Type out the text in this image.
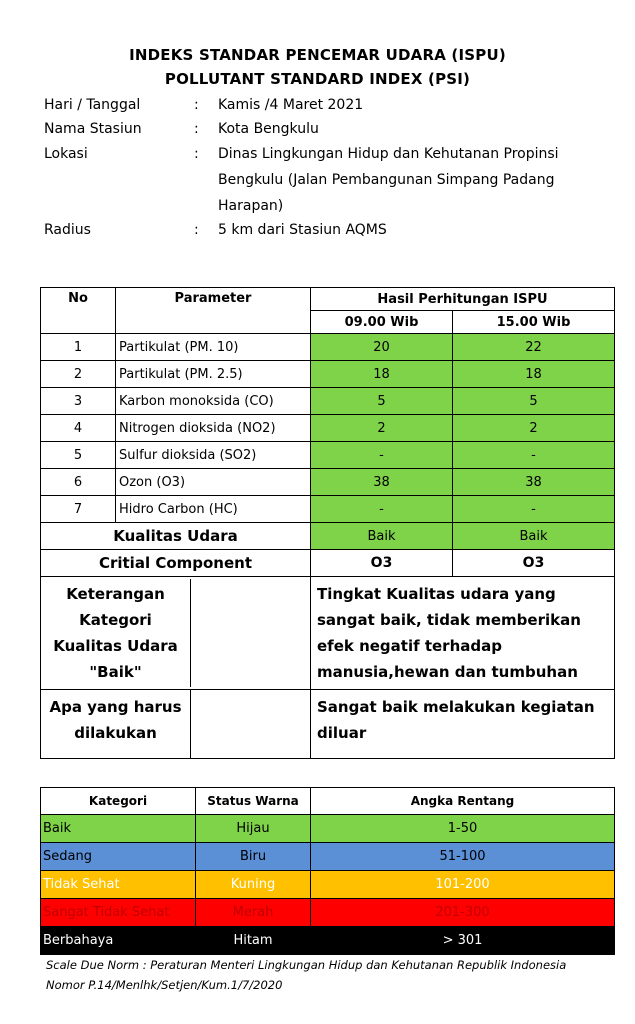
INDEKS STANDAR PENCEMAR UDARA (ISPU)
POLLUTANT STANDARD INDEX (PSI)
Hari / Tanggal	:	Kamis /4 Maret 2021
Nama Stasiun	:	Kota Bengkulu
Lokasi	:	Dinas Lingkungan Hidup dan Kehutanan Propinsi Bengkulu (Jalan Pembangunan Simpang Padang Harapan)
Radius	:	5 km dari Stasiun AQMS
No	Parameter	Hasil Perhitungan ISPU	
		09.00 Wib	15.00 Wib
1	Partikulat (PM. 10)	20	22
2	Partikulat (PM. 2.5)	18	18
3	Karbon monoksida (CO)	5	5
4	Nitrogen dioksida (NO2)	2	2
5	Sulfur dioksida (SO2)	-	-
6	Ozon (O3)	38	38
7	Hidro Carbon (HC)	-	-
Kualitas Udara		Baik	Baik
Critial Component		O3	O3

Keterangan Kategori Kualitas Udara "Baik"		Tingkat Kualitas udara yang sangat baik, tidak memberikan efek negatif terhadap manusia,hewan dan tumbuhan	

Apa yang harus dilakukan		Sangat baik melakukan kegiatan diluar	
Kategori	Status Warna	Angka Rentang
Baik	Hijau	1-50
Sedang	Biru	51-100
Tidak Sehat	Kuning	101-200
Sangat Tidak Sehat	Merah	201-300
Berbahaya	Hitam	> 301
Scale Due Norm : Peraturan Menteri Lingkungan Hidup dan Kehutanan Republik Indonesia
Nomor P.14/Menlhk/Setjen/Kum.1/7/2020
